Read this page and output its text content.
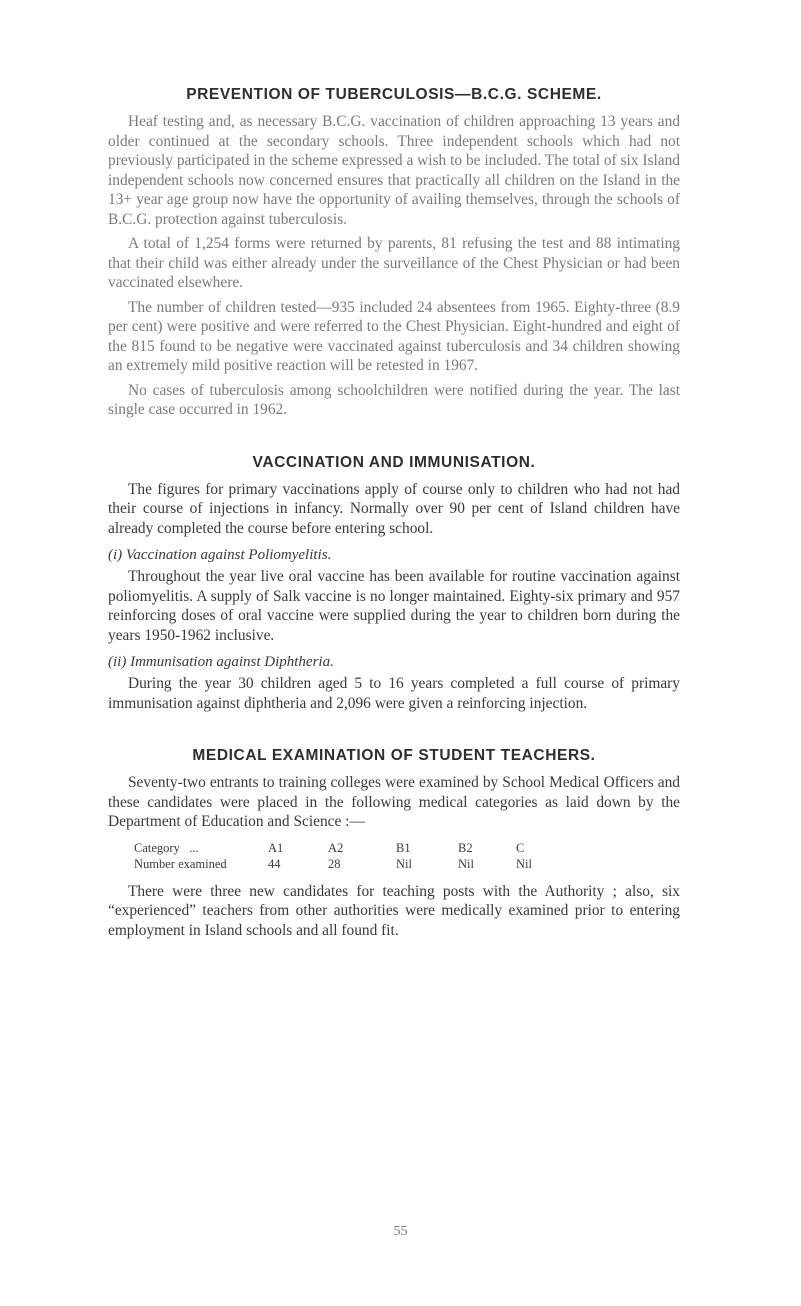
PREVENTION OF TUBERCULOSIS—B.C.G. SCHEME.

Heaf testing and, as necessary B.C.G. vaccination of children approaching 13 years and older continued at the secondary schools. Three independent schools which had not previously participated in the scheme expressed a wish to be included. The total of six Island independent schools now concerned ensures that practically all children on the Island in the 13+ year age group now have the opportunity of availing themselves, through the schools of B.C.G. protection against tuberculosis.

A total of 1,254 forms were returned by parents, 81 refusing the test and 88 intimating that their child was either already under the surveillance of the Chest Physician or had been vaccinated elsewhere.

The number of children tested—935 included 24 absentees from 1965. Eighty-three (8.9 per cent) were positive and were referred to the Chest Physician. Eight-hundred and eight of the 815 found to be negative were vaccinated against tuberculosis and 34 children showing an extremely mild positive reaction will be retested in 1967.

No cases of tuberculosis among schoolchildren were notified during the year. The last single case occurred in 1962.

VACCINATION AND IMMUNISATION.

The figures for primary vaccinations apply of course only to children who had not had their course of injections in infancy. Normally over 90 per cent of Island children have already completed the course before entering school.

(i) Vaccination against Poliomyelitis.

Throughout the year live oral vaccine has been available for routine vaccination against poliomyelitis. A supply of Salk vaccine is no longer maintained. Eighty-six primary and 957 reinforcing doses of oral vaccine were supplied during the year to children born during the years 1950-1962 inclusive.

(ii) Immunisation against Diphtheria.

During the year 30 children aged 5 to 16 years completed a full course of primary immunisation against diphtheria and 2,096 were given a reinforcing injection.

MEDICAL EXAMINATION OF STUDENT TEACHERS.

Seventy-two entrants to training colleges were examined by School Medical Officers and these candidates were placed in the following medical categories as laid down by the Department of Education and Science :—

Category ...	A1	A2	B1	B2	C
Number examined	44	28	Nil	Nil	Nil

There were three new candidates for teaching posts with the Authority ; also, six “experienced” teachers from other authorities were medically examined prior to entering employment in Island schools and all found fit.

55
